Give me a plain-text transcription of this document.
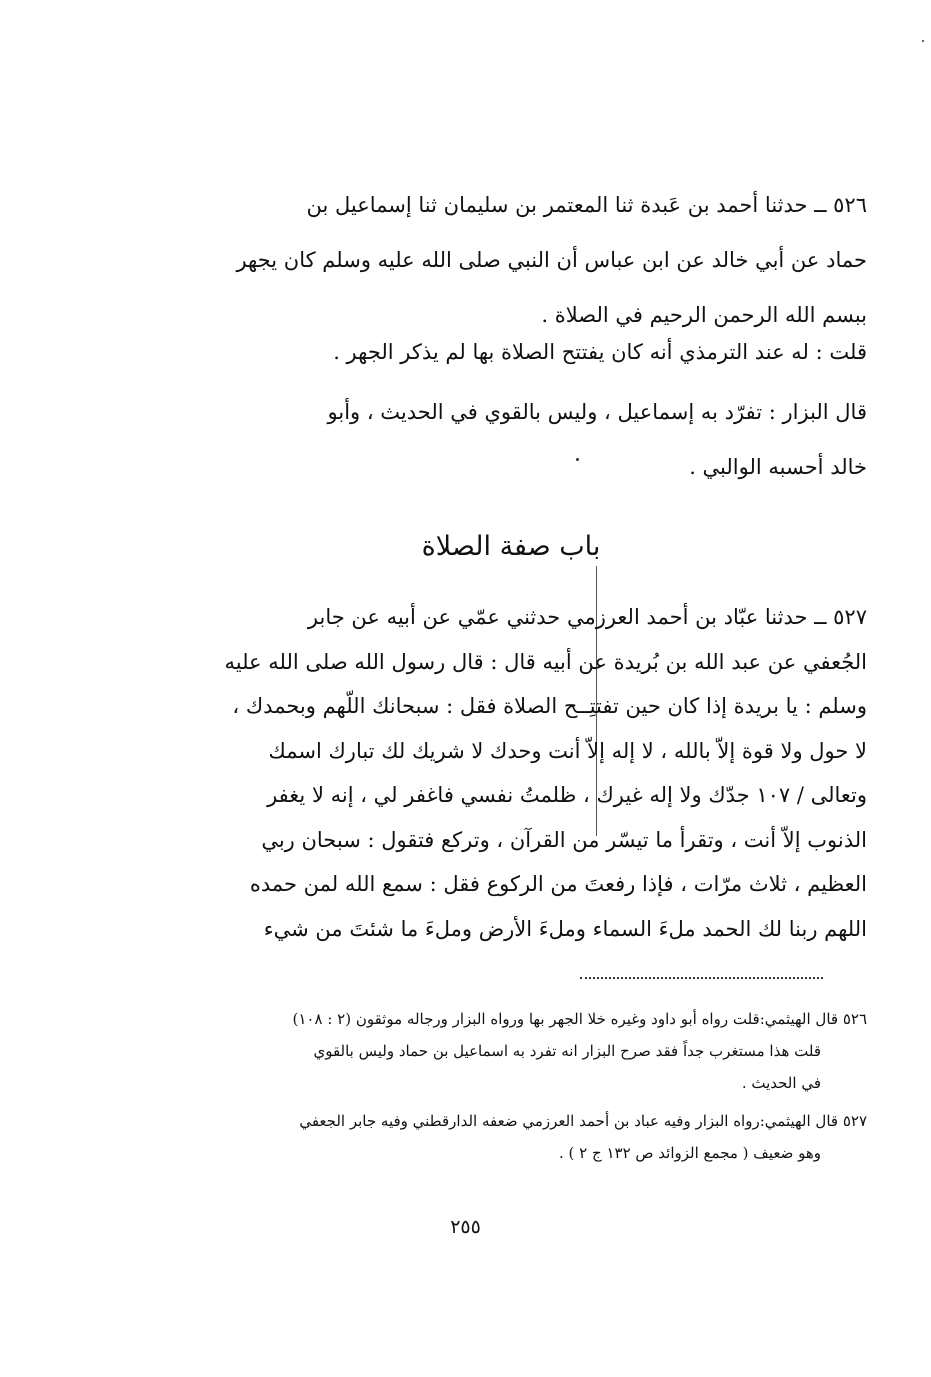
٥٢٦ ــ حدثنا أحمد بن عَبدة ثنا المعتمر بن سليمان ثنا إسماعيل بن
حماد عن أبي خالد عن ابن عباس أن النبي صلى الله عليه وسلم كان يجهر
ببسم الله الرحمن الرحيم في الصلاة .
قلت : له عند الترمذي أنه كان يفتتح الصلاة بها لم يذكر الجهر .
قال البزار : تفرّد به إسماعيل ، وليس بالقوي في الحديث ، وأبو
خالد أحسبه الوالبي .
باب صفة الصلاة
٥٢٧ ــ حدثنا عبّاد بن أحمد العرزمي حدثني عمّي عن أبيه عن جابر
الجُعفي عن عبد الله بن بُريدة عن أبيه قال : قال رسول الله صلى الله عليه
وسلم : يا بريدة إذا كان حين تفتتِــح الصلاة فقل : سبحانك اللّهم وبحمدك ،
لا حول ولا قوة إلاّ بالله ، لا إله إلاّ أنت وحدك لا شريك لك تبارك اسمك
وتعالى / ١٠٧ جدّك ولا إله غيرك ، ظلمتُ نفسي فاغفر لي ، إنه لا يغفر
الذنوب إلاّ أنت ، وتقرأ ما تيسّر من القرآن ، وتركع فتقول : سبحان ربي
العظيم ، ثلاث مرّات ، فإذا رفعتَ من الركوع فقل : سمع الله لمن حمده
اللهم ربنا لك الحمد ملءَ السماء وملءَ الأرض وملءَ ما شئتَ من شيء
٥٢٦ قال الهيثمي:قلت رواه أبو داود وغيره خلا الجهر بها ورواه البزار ورجاله موثقون (٢ : ١٠٨)
قلت هذا مستغرب جداً فقد صرح البزار انه تفرد به اسماعيل بن حماد وليس بالقوي
في الحديث .
٥٢٧ قال الهيثمي:رواه البزار وفيه عباد بن أحمد العرزمي ضعفه الدارقطني وفيه جابر الجعفي
وهو ضعيف ( مجمع الزوائد ص ١٣٢ ج ٢ ) .
٢٥٥
